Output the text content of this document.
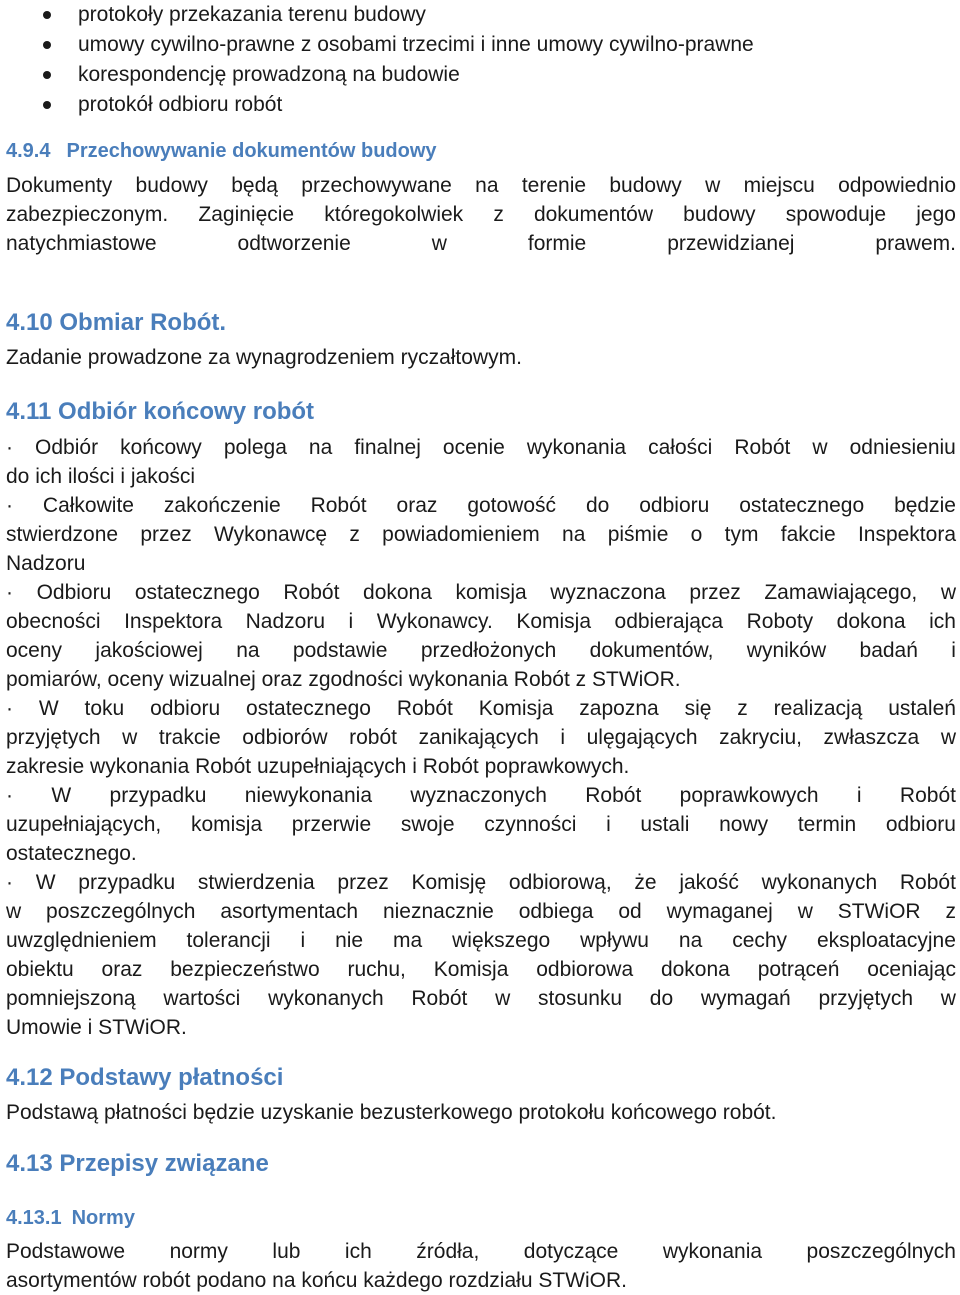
protokoły przekazania terenu budowy
umowy cywilno-prawne z osobami trzecimi i inne umowy cywilno-prawne
korespondencję prowadzoną na budowie
protokół odbioru robót
4.9.4 Przechowywanie dokumentów budowy
Dokumenty budowy będą przechowywane na terenie budowy w miejscu odpowiednio
zabezpieczonym. Zaginięcie któregokolwiek z dokumentów budowy spowoduje jego
natychmiastowe	odtworzenie	w	formie	przewidzianej	prawem.
4.10 Obmiar Robót.
Zadanie prowadzone za wynagrodzeniem ryczałtowym.
4.11 Odbiór końcowy robót
· Odbiór końcowy polega na finalnej ocenie wykonania całości Robót w odniesieniu
do ich ilości i jakości
· Całkowite zakończenie Robót oraz gotowość do odbioru ostatecznego będzie
stwierdzone przez Wykonawcę z powiadomieniem na piśmie o tym fakcie Inspektora
Nadzoru
· Odbioru ostatecznego Robót dokona komisja wyznaczona przez Zamawiającego, w
obecności Inspektora Nadzoru i Wykonawcy. Komisja odbierająca Roboty dokona ich
oceny jakościowej na podstawie przedłożonych dokumentów, wyników badań i
pomiarów, oceny wizualnej oraz zgodności wykonania Robót z STWiOR.
· W toku odbioru ostatecznego Robót Komisja zapozna się z realizacją ustaleń
przyjętych w trakcie odbiorów robót zanikających i ulęgających zakryciu, zwłaszcza w
zakresie wykonania Robót uzupełniających i Robót poprawkowych.
· W przypadku niewykonania wyznaczonych Robót poprawkowych i Robót
uzupełniających, komisja przerwie swoje czynności i ustali nowy termin odbioru
ostatecznego.
· W przypadku stwierdzenia przez Komisję odbiorową, że jakość wykonanych Robót
w poszczególnych asortymentach nieznacznie odbiega od wymaganej w STWiOR z
uwzględnieniem tolerancji i nie ma większego wpływu na cechy eksploatacyjne
obiektu oraz bezpieczeństwo ruchu, Komisja odbiorowa dokona potrąceń oceniając
pomniejszoną wartości wykonanych Robót w stosunku do wymagań przyjętych w
Umowie i STWiOR.
4.12 Podstawy płatności
Podstawą płatności będzie uzyskanie bezusterkowego protokołu końcowego robót.
4.13 Przepisy związane
4.13.1 Normy
Podstawowe normy lub ich źródła, dotyczące wykonania poszczególnych
asortymentów robót podano na końcu każdego rozdziału STWiOR.
